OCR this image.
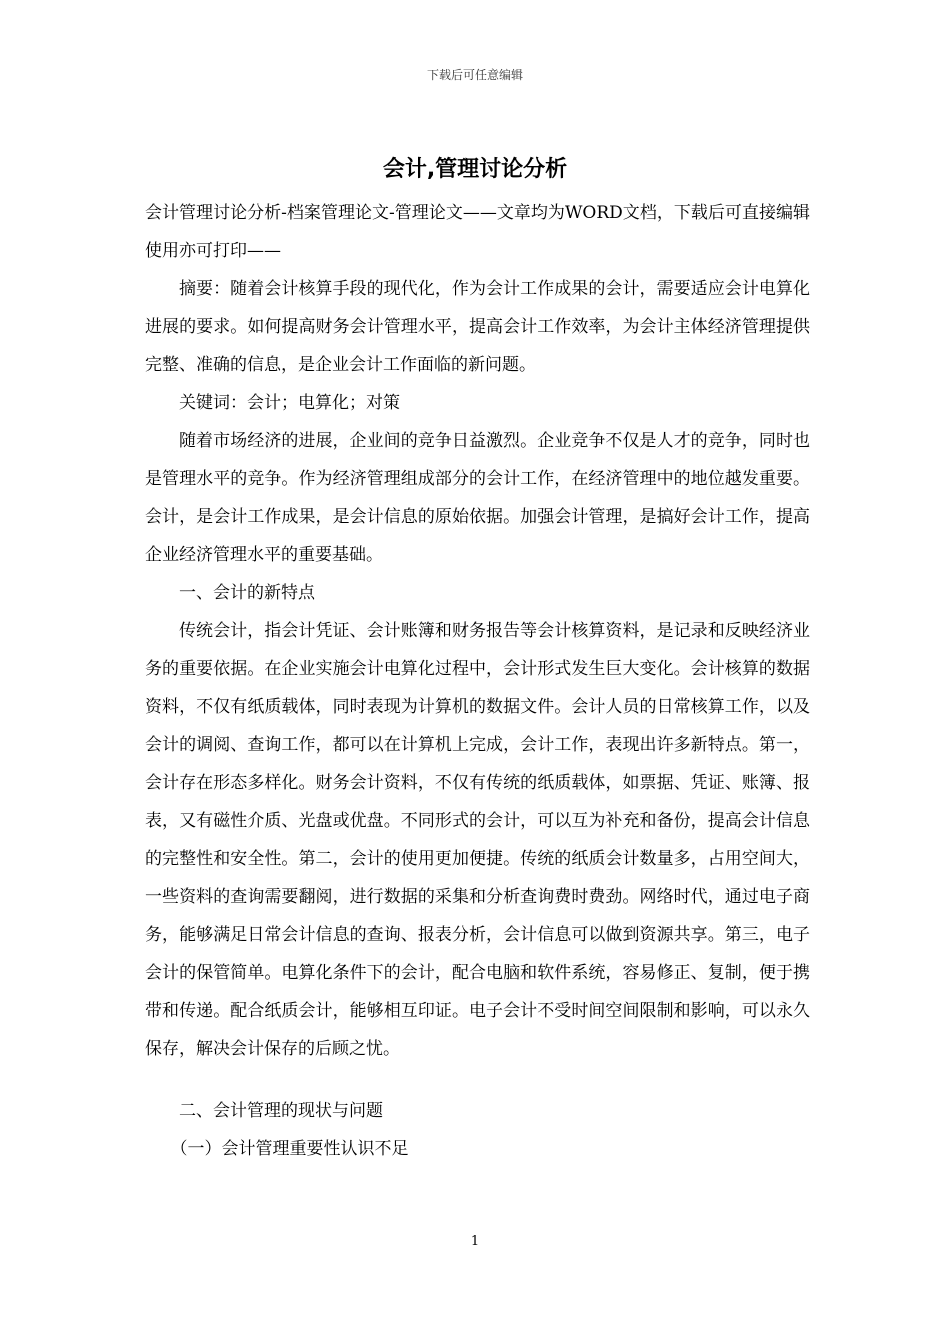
下载后可任意编辑
会计,管理讨论分析

会计管理讨论分析-档案管理论文-管理论文——文章均为WORD文档，下载后可直接编辑使用亦可打印——

摘要：随着会计核算手段的现代化，作为会计工作成果的会计，需要适应会计电算化进展的要求。如何提高财务会计管理水平，提高会计工作效率，为会计主体经济管理提供完整、准确的信息，是企业会计工作面临的新问题。

关键词：会计；电算化；对策

随着市场经济的进展，企业间的竞争日益激烈。企业竞争不仅是人才的竞争，同时也是管理水平的竞争。作为经济管理组成部分的会计工作，在经济管理中的地位越发重要。会计，是会计工作成果，是会计信息的原始依据。加强会计管理，是搞好会计工作，提高企业经济管理水平的重要基础。

一、会计的新特点

传统会计，指会计凭证、会计账簿和财务报告等会计核算资料，是记录和反映经济业务的重要依据。在企业实施会计电算化过程中，会计形式发生巨大变化。会计核算的数据资料，不仅有纸质载体，同时表现为计算机的数据文件。会计人员的日常核算工作，以及会计的调阅、查询工作，都可以在计算机上完成，会计工作，表现出许多新特点。第一，会计存在形态多样化。财务会计资料，不仅有传统的纸质载体，如票据、凭证、账簿、报表，又有磁性介质、光盘或优盘。不同形式的会计，可以互为补充和备份，提高会计信息的完整性和安全性。第二，会计的使用更加便捷。传统的纸质会计数量多，占用空间大，一些资料的查询需要翻阅，进行数据的采集和分析查询费时费劲。网络时代，通过电子商务，能够满足日常会计信息的查询、报表分析，会计信息可以做到资源共享。第三，电子会计的保管简单。电算化条件下的会计，配合电脑和软件系统，容易修正、复制，便于携带和传递。配合纸质会计，能够相互印证。电子会计不受时间空间限制和影响，可以永久保存，解决会计保存的后顾之忧。

二、会计管理的现状与问题

（一）会计管理重要性认识不足

1
